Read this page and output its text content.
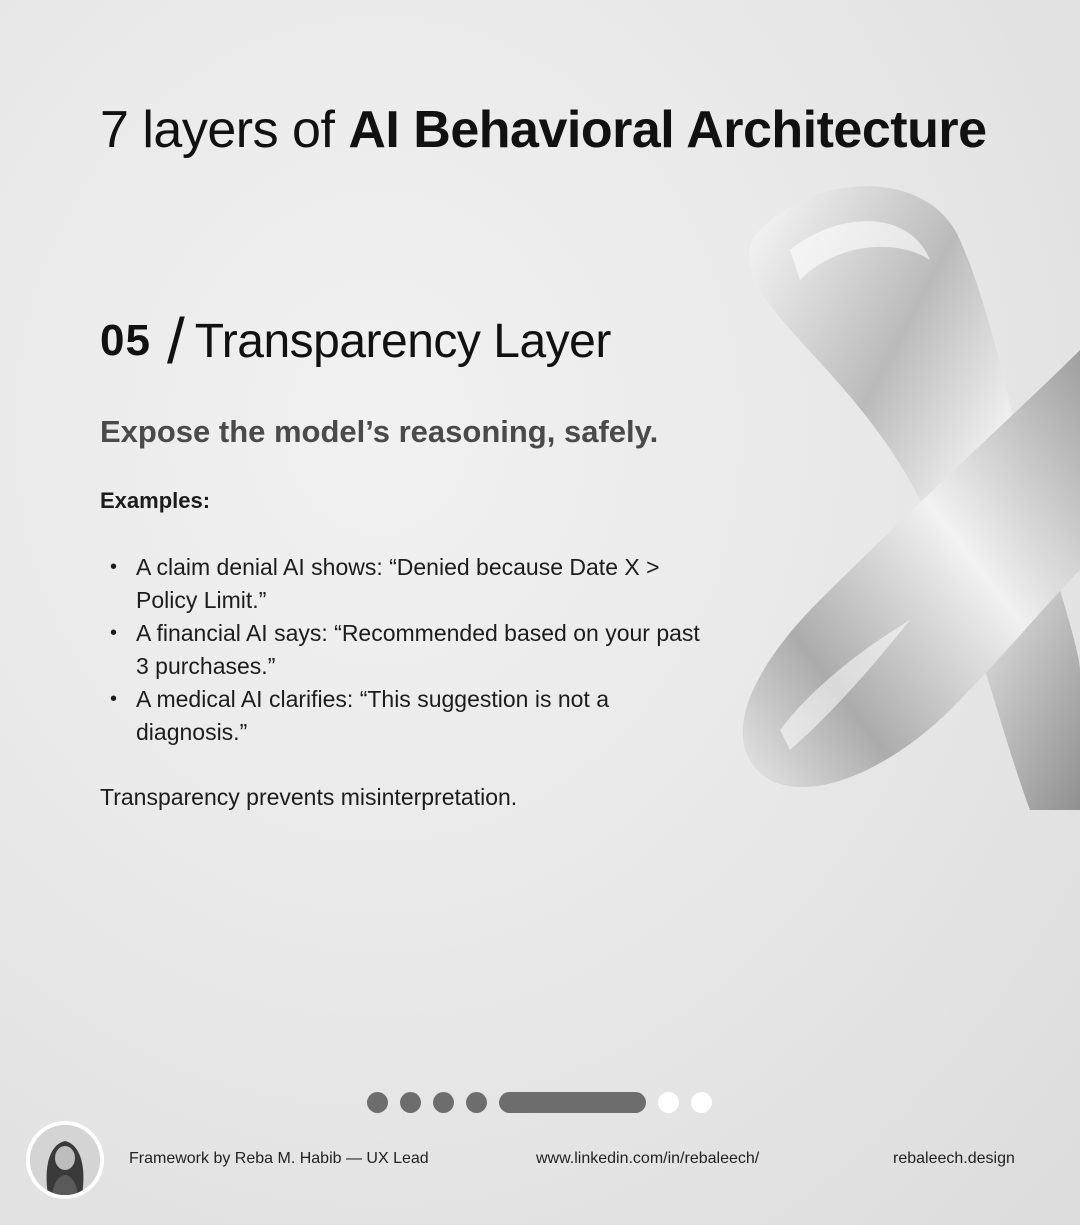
7 layers of AI Behavioral Architecture
05 / Transparency Layer
Expose the model’s reasoning, safely.
Examples:
• A claim denial AI shows: “Denied because Date X > Policy Limit.”
• A financial AI says: “Recommended based on your past 3 purchases.”
• A medical AI clarifies: “This suggestion is not a diagnosis.”
Transparency prevents misinterpretation.
Framework by Reba M. Habib — UX Lead	www.linkedin.com/in/rebaleech/	rebaleech.design
